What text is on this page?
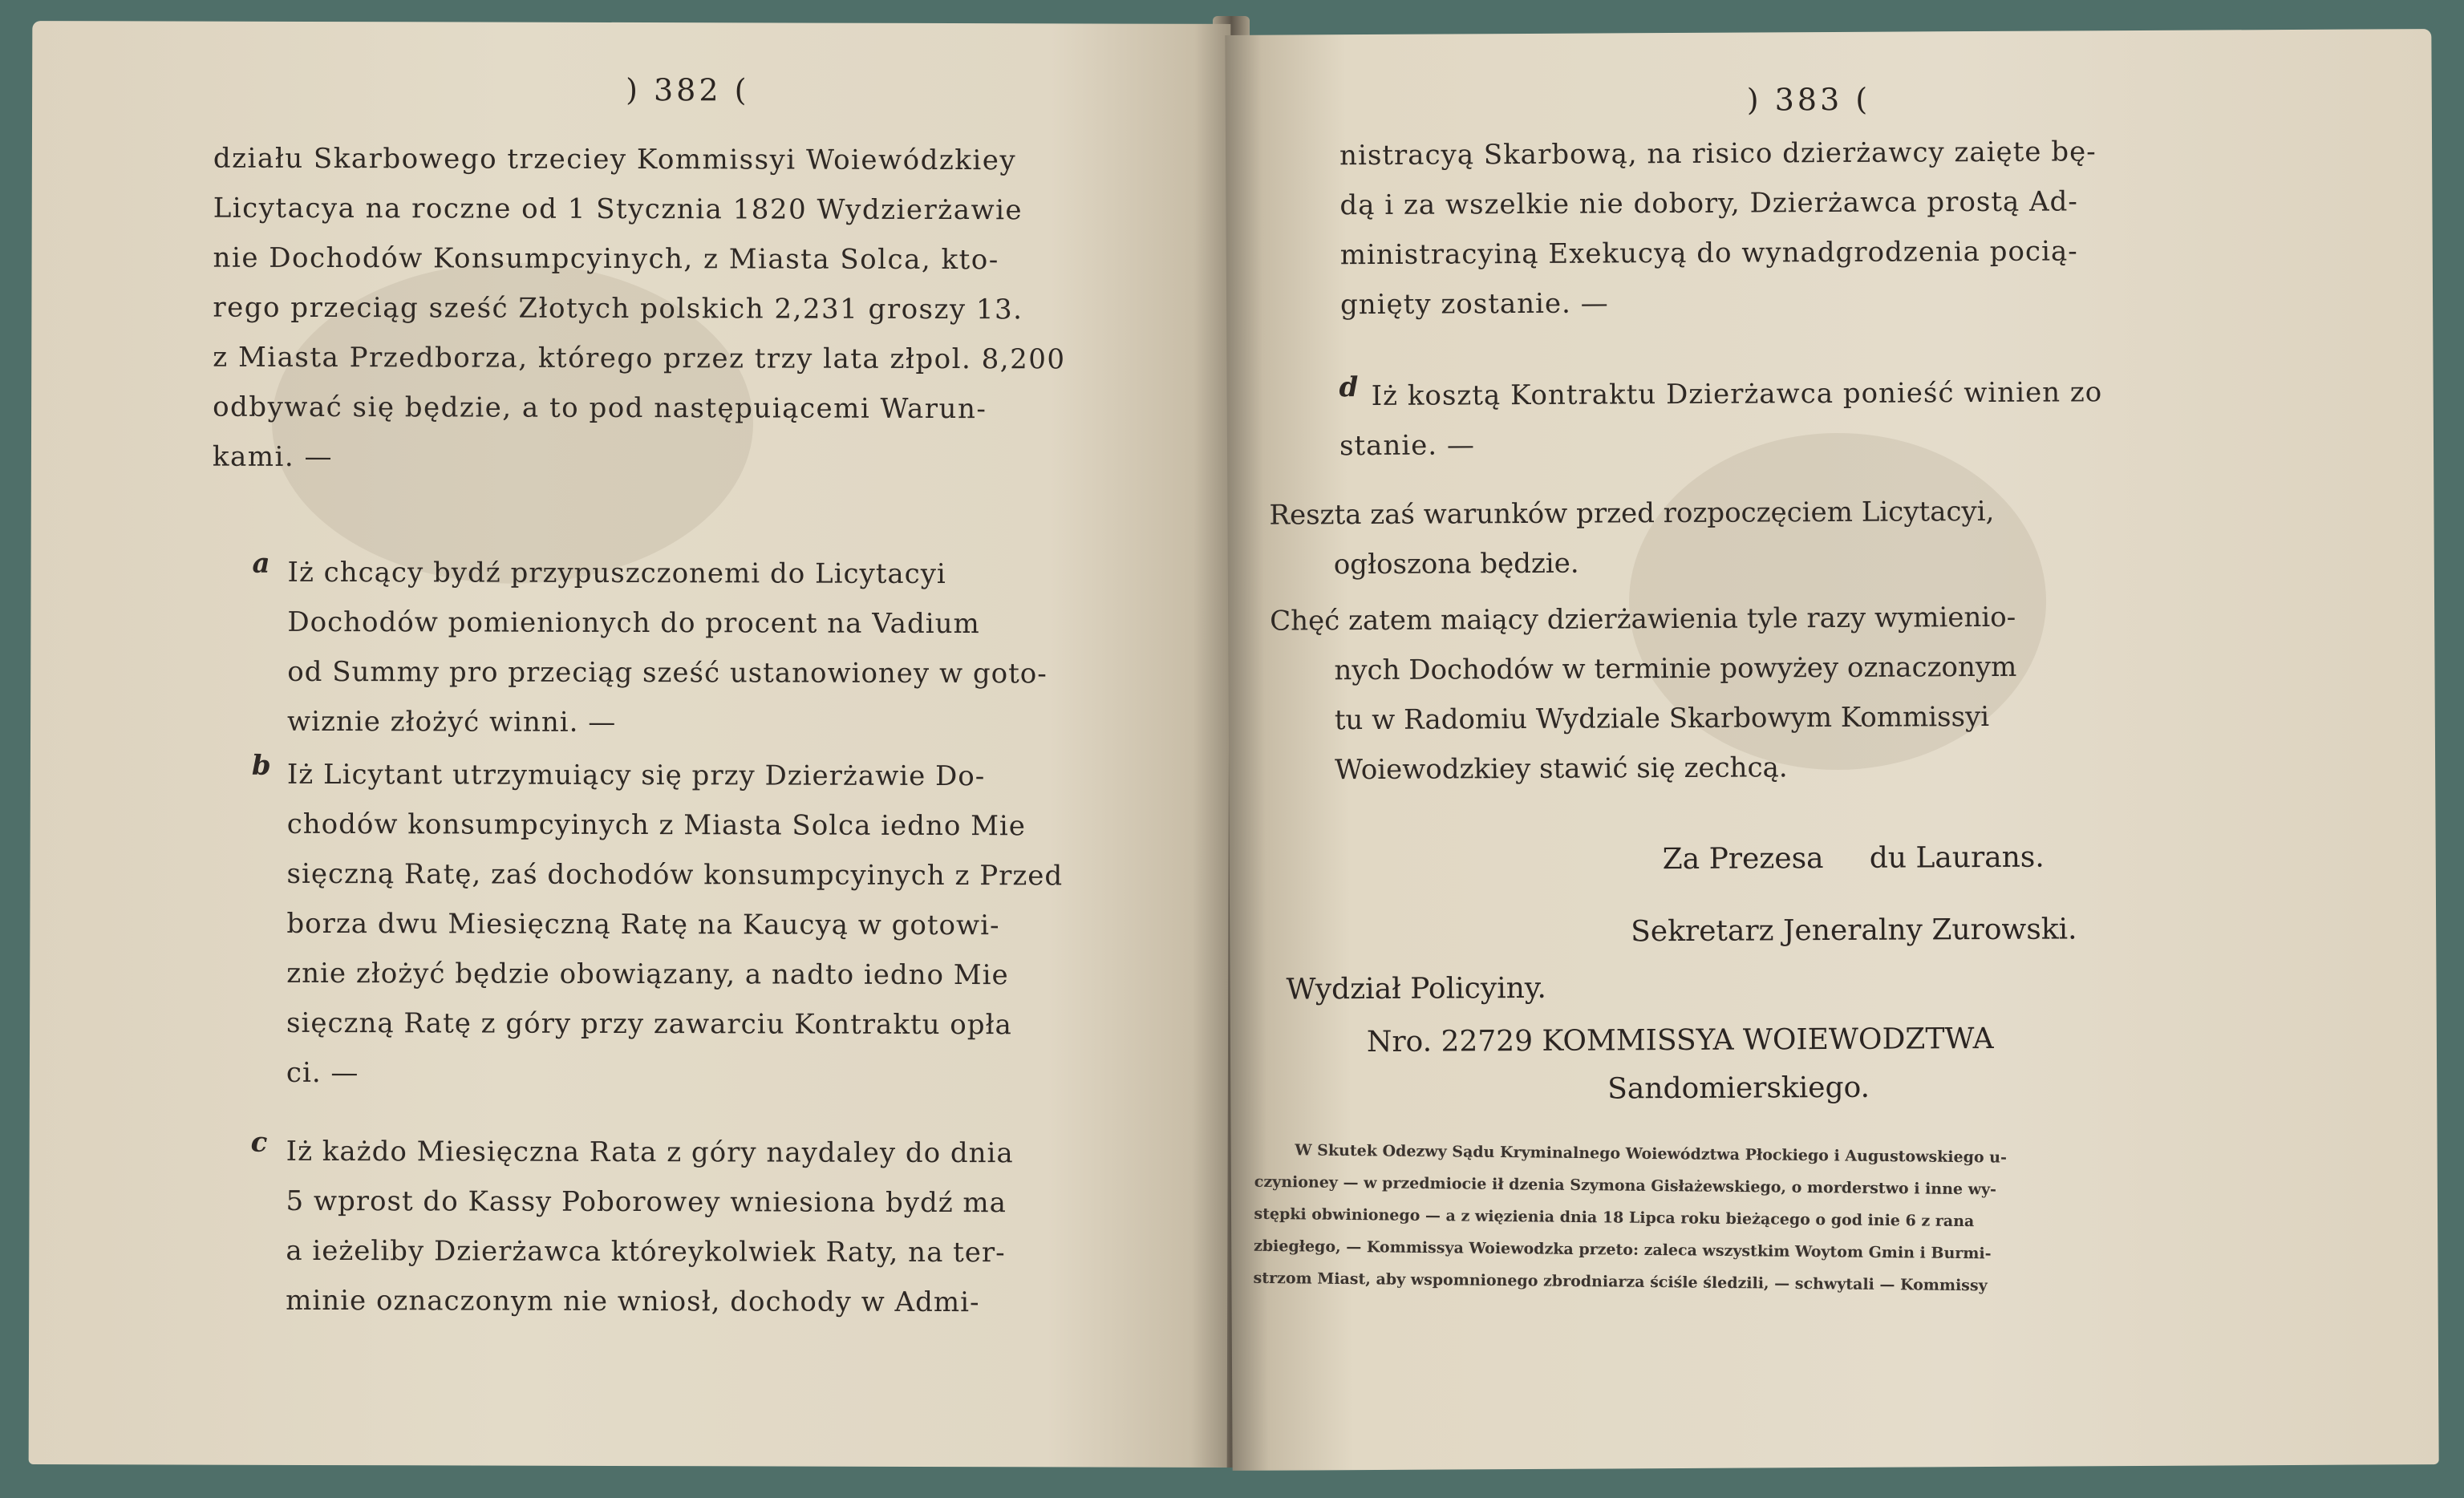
) 382 (
działu Skarbowego trzeciey Kommissyi Woiewódzkiey
Licytacya na roczne od 1 Stycznia 1820 Wydzierżawie
nie Dochodów Konsumpcyinych, z Miasta Solca, kto-
rego przeciąg sześć Złotych polskich 2,231 groszy 13.
z Miasta Przedborza, którego przez trzy lata złpol. 8,200
odbywać się będzie, a to pod następuiącemi Warun-
kami. —
a Iż chcący bydź przypuszczonemi do Licytacyi
Dochodów pomienionych do procent na Vadium
od Summy pro przeciąg sześć ustanowioney w goto-
wiznie złożyć winni. —
b Iż Licytant utrzymuiący się przy Dzierżawie Do-
chodów konsumpcyinych z Miasta Solca iedno Mie
sięczną Ratę, zaś dochodów konsumpcyinych z Przed
borza dwu Miesięczną Ratę na Kaucyą w gotowi-
znie złożyć będzie obowiązany, a nadto iedno Mie
sięczną Ratę z góry przy zawarciu Kontraktu opła
ci. —
c Iż każdo Miesięczna Rata z góry naydaley do dnia
5 wprost do Kassy Poborowey wniesiona bydź ma
a ieżeliby Dzierżawca któreykolwiek Raty, na ter-
minie oznaczonym nie wniosł, dochody w Admi-
) 383 (
nistracyą Skarbową, na risico dzierżawcy zaięte bę-
dą i za wszelkie nie dobory, Dzierżawca prostą Ad-
ministracyiną Exekucyą do wynadgrodzenia pocią-
gnięty zostanie. —
d Iż kosztą Kontraktu Dzierżawca ponieść winien zo
stanie. —
Reszta zaś warunków przed rozpoczęciem Licytacyi,
ogłoszona będzie.
Chęć zatem maiący dzierżawienia tyle razy wymienio-
nych Dochodów w terminie powyżey oznaczonym
tu w Radomiu Wydziale Skarbowym Kommissyi
Woiewodzkiey stawić się zechcą.
Za Prezesa     du Laurans.
Sekretarz Jeneralny Zurowski.
Wydział Policyiny.
Nro. 22729 KOMMISSYA WOIEWODZTWA
Sandomierskiego.
W Skutek Odezwy Sądu Kryminalnego Woiewództwa Płockiego i Augustowskiego u-
czynioney — w przedmiocie ił dzenia Szymona Gisłażewskiego, o morderstwo i inne wy-
stępki obwinionego — a z więzienia dnia 18 Lipca roku bieżącego o god inie 6 z rana
zbiegłego, — Kommissya Woiewodzka przeto: zaleca wszystkim Woytom Gmin i Burmi-
strzom Miast, aby wspomnionego zbrodniarza ściśle śledzili, — schwytali — Kommissy
